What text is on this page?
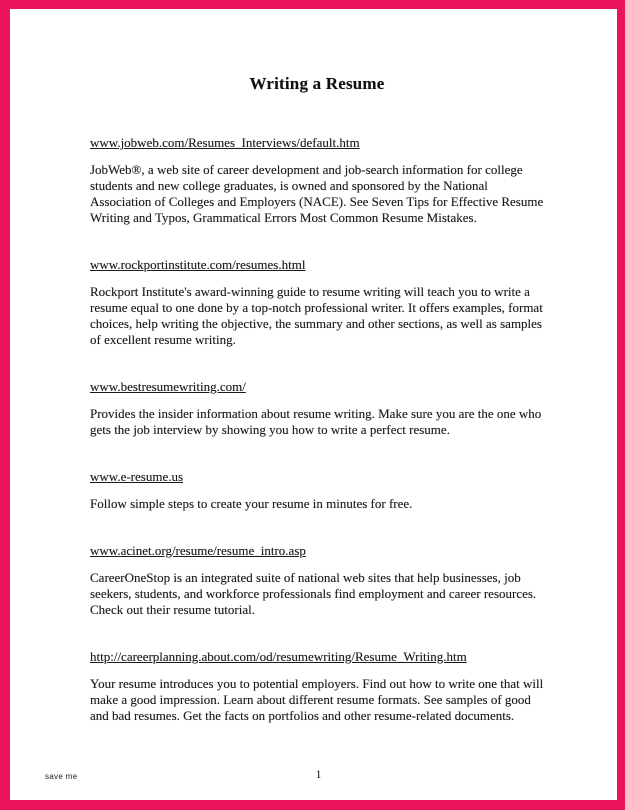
Writing a Resume
www.jobweb.com/Resumes_Interviews/default.htm

JobWeb®, a web site of career development and job-search information for college students and new college graduates, is owned and sponsored by the National Association of Colleges and Employers (NACE). See Seven Tips for Effective Resume Writing and Typos, Grammatical Errors Most Common Resume Mistakes.

www.rockportinstitute.com/resumes.html

Rockport Institute's award-winning guide to resume writing will teach you to write a resume equal to one done by a top-notch professional writer. It offers examples, format choices, help writing the objective, the summary and other sections, as well as samples of excellent resume writing.

www.bestresumewriting.com/

Provides the insider information about resume writing. Make sure you are the one who gets the job interview by showing you how to write a perfect resume.

www.e-resume.us

Follow simple steps to create your resume in minutes for free.

www.acinet.org/resume/resume_intro.asp

CareerOneStop is an integrated suite of national web sites that help businesses, job seekers, students, and workforce professionals find employment and career resources. Check out their resume tutorial.

http://careerplanning.about.com/od/resumewriting/Resume_Writing.htm

Your resume introduces you to potential employers. Find out how to write one that will make a good impression. Learn about different resume formats. See samples of good and bad resumes. Get the facts on portfolios and other resume-related documents.

1
save me
